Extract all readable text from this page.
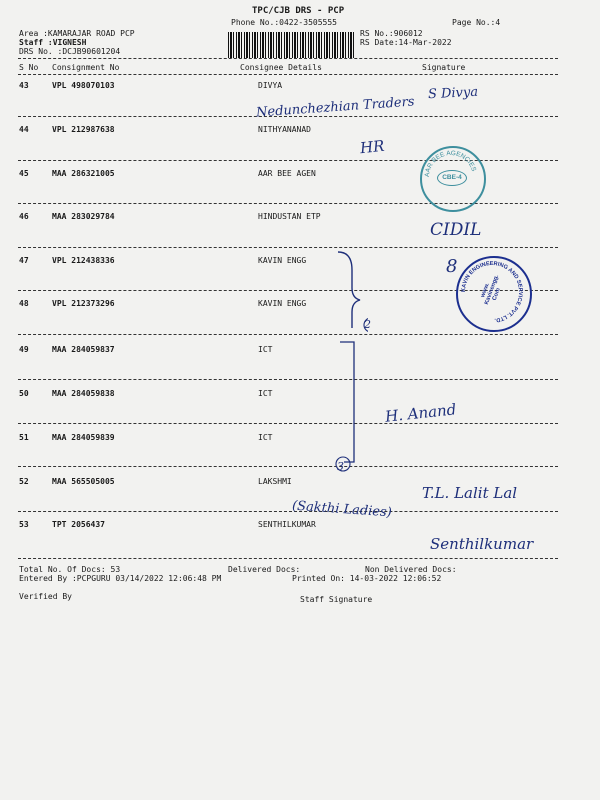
TPC/CJB DRS - PCP
Phone No.:0422-3505555	Page No.:4
Area :KAMARAJAR ROAD PCP
Staff :VIGNESH
DRS No. :DCJB90601204
RS No.:906012
RS Date:14-Mar-2022
S No Consignment No	Consignee Details	Signature
43	VPL 498070103	DIVYA
44	VPL 212987638	NITHYANANAD
45	MAA 286321005	AAR BEE AGEN
46	MAA 283029784	HINDUSTAN ETP
47	VPL 212438336	KAVIN ENGG
48	VPL 212373296	KAVIN ENGG
49	MAA 284059837	ICT
50	MAA 284059838	ICT
51	MAA 284059839	ICT
52	MAA 565505005	LAKSHMI
53	TPT 2056437	SENTHILKUMAR
Nedunchezhian Traders
S Divya
HR
CIDIL
8
2
3
H. Anand
(Sakthi Ladies)
T.L. Lalit Lal
Senthilkumar
AAR BEE AGENCIES
CBE-4
KAVIN ENGINEERING AND SERVICE PVT. LTD.
www. Kavinengg. Com
Total No. Of Docs: 53	Delivered Docs:	Non Delivered Docs:
Entered By :PCPGURU 03/14/2022 12:06:48 PM	Printed On: 14-03-2022 12:06:52
Verified By	Staff Signature
